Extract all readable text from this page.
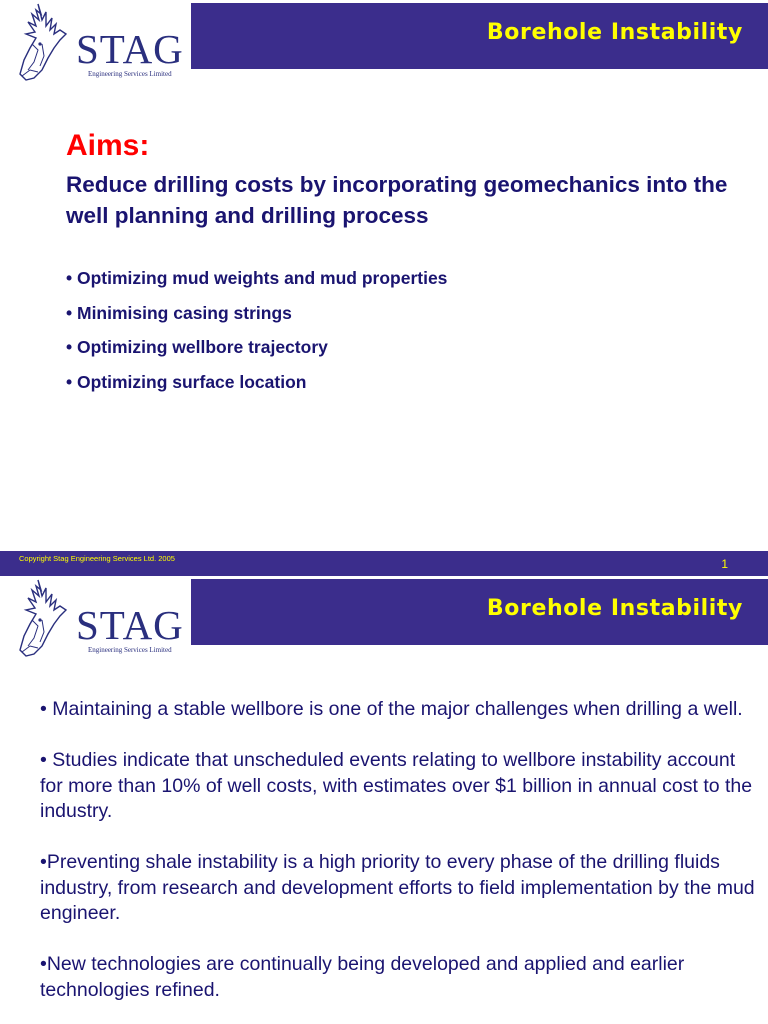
STAG
Engineering Services Limited
Borehole Instability
Aims:
Reduce drilling costs by incorporating geomechanics into the well planning and drilling process
• Optimizing mud weights and mud properties
• Minimising casing strings
• Optimizing wellbore trajectory
• Optimizing surface location
Copyright Stag Engineering Services Ltd. 2005	1
STAG
Engineering Services Limited
Borehole Instability

• Maintaining a stable wellbore is one of the major challenges when drilling a well.

• Studies indicate that unscheduled events relating to wellbore instability account for more than 10% of well costs, with estimates over $1 billion in annual cost to the industry.

•Preventing shale instability is a high priority to every phase of the drilling fluids industry, from research and development efforts to field implementation by the mud engineer.

•New technologies are continually being developed and applied and earlier technologies refined.
